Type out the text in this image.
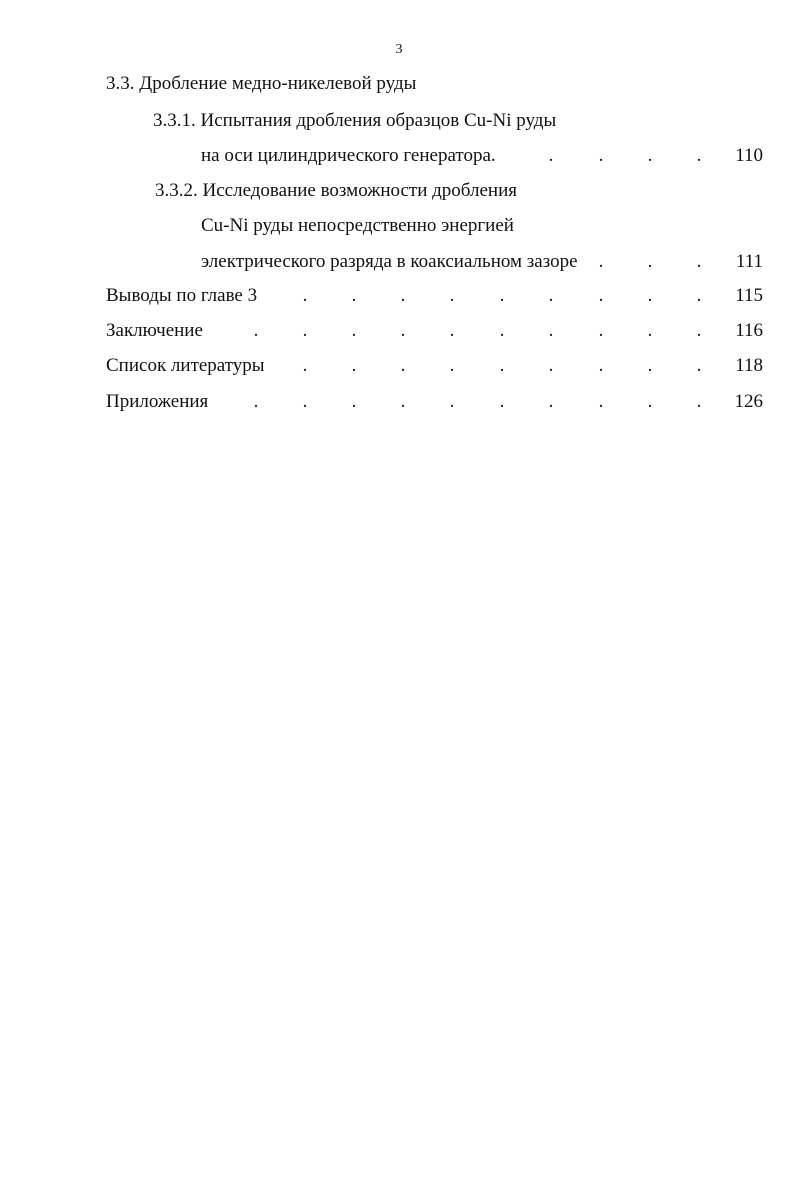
3
3.3. Дробление медно-никелевой руды
3.3.1. Испытания дробления образцов Cu-Ni руды
на оси цилиндрического генератора.	. . . . 110
3.3.2. Исследование возможности дробления
Cu-Ni руды непосредственно энергией
электрического разряда в коаксиальном зазоре . . . 111
Выводы по главе 3 . . . . . . . . . 115
Заключение	. . . . . . . . . . 116
Список литературы . . . . . . . . . 118
Приложения . . . . . . . . . . 126
